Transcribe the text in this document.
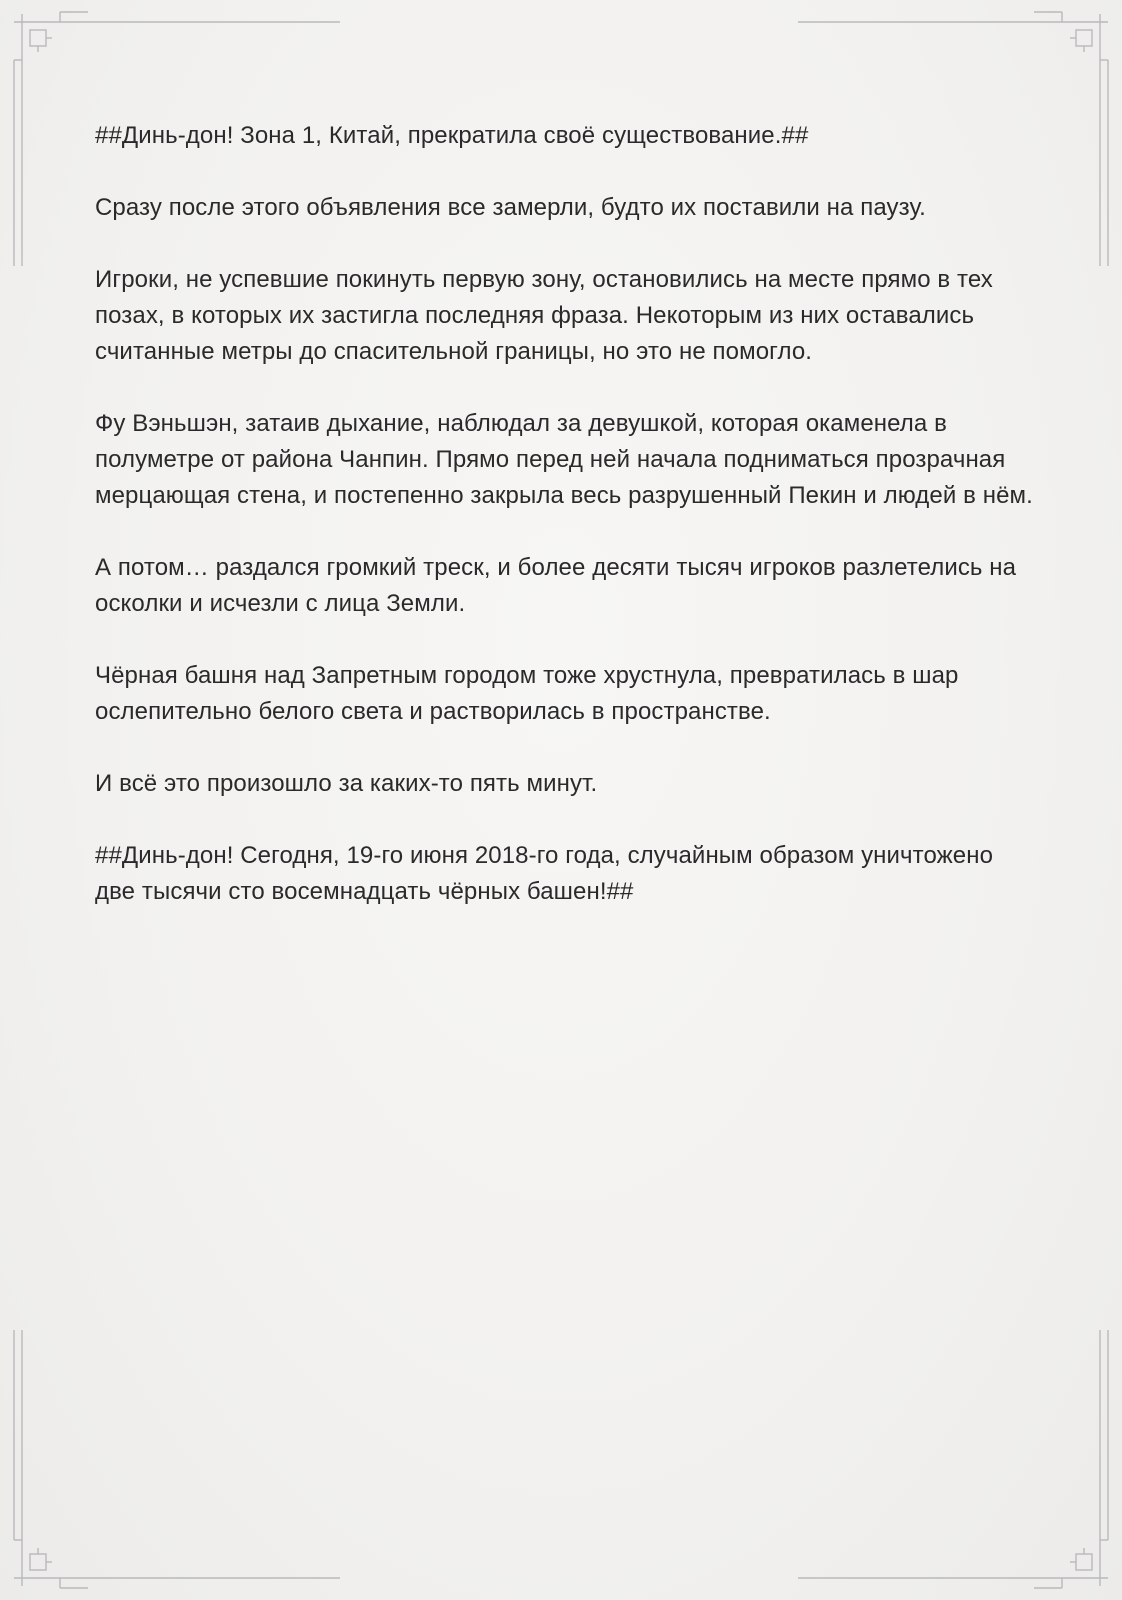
##Динь-дон! Зона 1, Китай, прекратила своё существование.##

Сразу после этого объявления все замерли, будто их поставили на паузу.

Игроки, не успевшие покинуть первую зону, остановились на месте прямо в тех позах, в которых их застигла последняя фраза. Некоторым из них оставались считанные метры до спасительной границы, но это не помогло.

Фу Вэньшэн, затаив дыхание, наблюдал за девушкой, которая окаменела в полуметре от района Чанпин. Прямо перед ней начала подниматься прозрачная мерцающая стена, и постепенно закрыла весь разрушенный Пекин и людей в нём.

А потом… раздался громкий треск, и более десяти тысяч игроков разлетелись на осколки и исчезли с лица Земли.

Чёрная башня над Запретным городом тоже хрустнула, превратилась в шар ослепительно белого света и растворилась в пространстве.

И всё это произошло за каких-то пять минут.

##Динь-дон! Сегодня, 19-го июня 2018-го года, случайным образом уничтожено две тысячи сто восемнадцать чёрных башен!##
